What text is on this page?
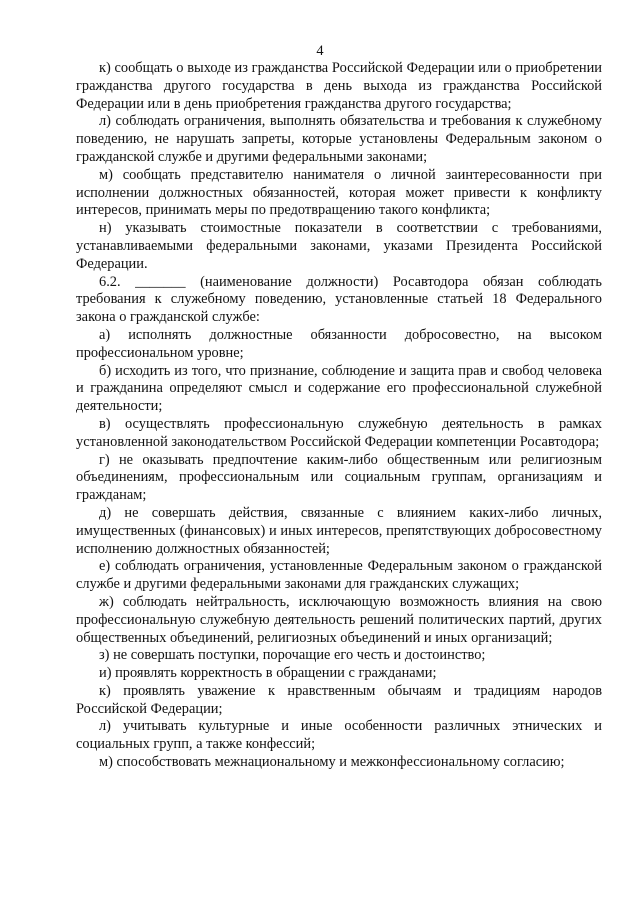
4

к) сообщать о выходе из гражданства Российской Федерации или о приобретении гражданства другого государства в день выхода из гражданства Российской Федерации или в день приобретения гражданства другого государства;

л) соблюдать ограничения, выполнять обязательства и требования к служебному поведению, не нарушать запреты, которые установлены Федеральным законом о гражданской службе и другими федеральными законами;

м) сообщать представителю нанимателя о личной заинтересованности при исполнении должностных обязанностей, которая может привести к конфликту интересов, принимать меры по предотвращению такого конфликта;

н) указывать стоимостные показатели в соответствии с требованиями, устанавливаемыми федеральными законами, указами Президента Российской Федерации.

6.2. _______ (наименование должности) Росавтодора обязан соблюдать требования к служебному поведению, установленные статьей 18 Федерального закона о гражданской службе:

а) исполнять должностные обязанности добросовестно, на высоком профессиональном уровне;

б) исходить из того, что признание, соблюдение и защита прав и свобод человека и гражданина определяют смысл и содержание его профессиональной служебной деятельности;

в) осуществлять профессиональную служебную деятельность в рамках установленной законодательством Российской Федерации компетенции Росавтодора;

г) не оказывать предпочтение каким-либо общественным или религиозным объединениям, профессиональным или социальным группам, организациям и гражданам;

д) не совершать действия, связанные с влиянием каких-либо личных, имущественных (финансовых) и иных интересов, препятствующих добросовестному исполнению должностных обязанностей;

е) соблюдать ограничения, установленные Федеральным законом о гражданской службе и другими федеральными законами для гражданских служащих;

ж) соблюдать нейтральность, исключающую возможность влияния на свою профессиональную служебную деятельность решений политических партий, других общественных объединений, религиозных объединений и иных организаций;

з) не совершать поступки, порочащие его честь и достоинство;

и) проявлять корректность в обращении с гражданами;

к) проявлять уважение к нравственным обычаям и традициям народов Российской Федерации;

л) учитывать культурные и иные особенности различных этнических и социальных групп, а также конфессий;

м) способствовать межнациональному и межконфессиональному согласию;
